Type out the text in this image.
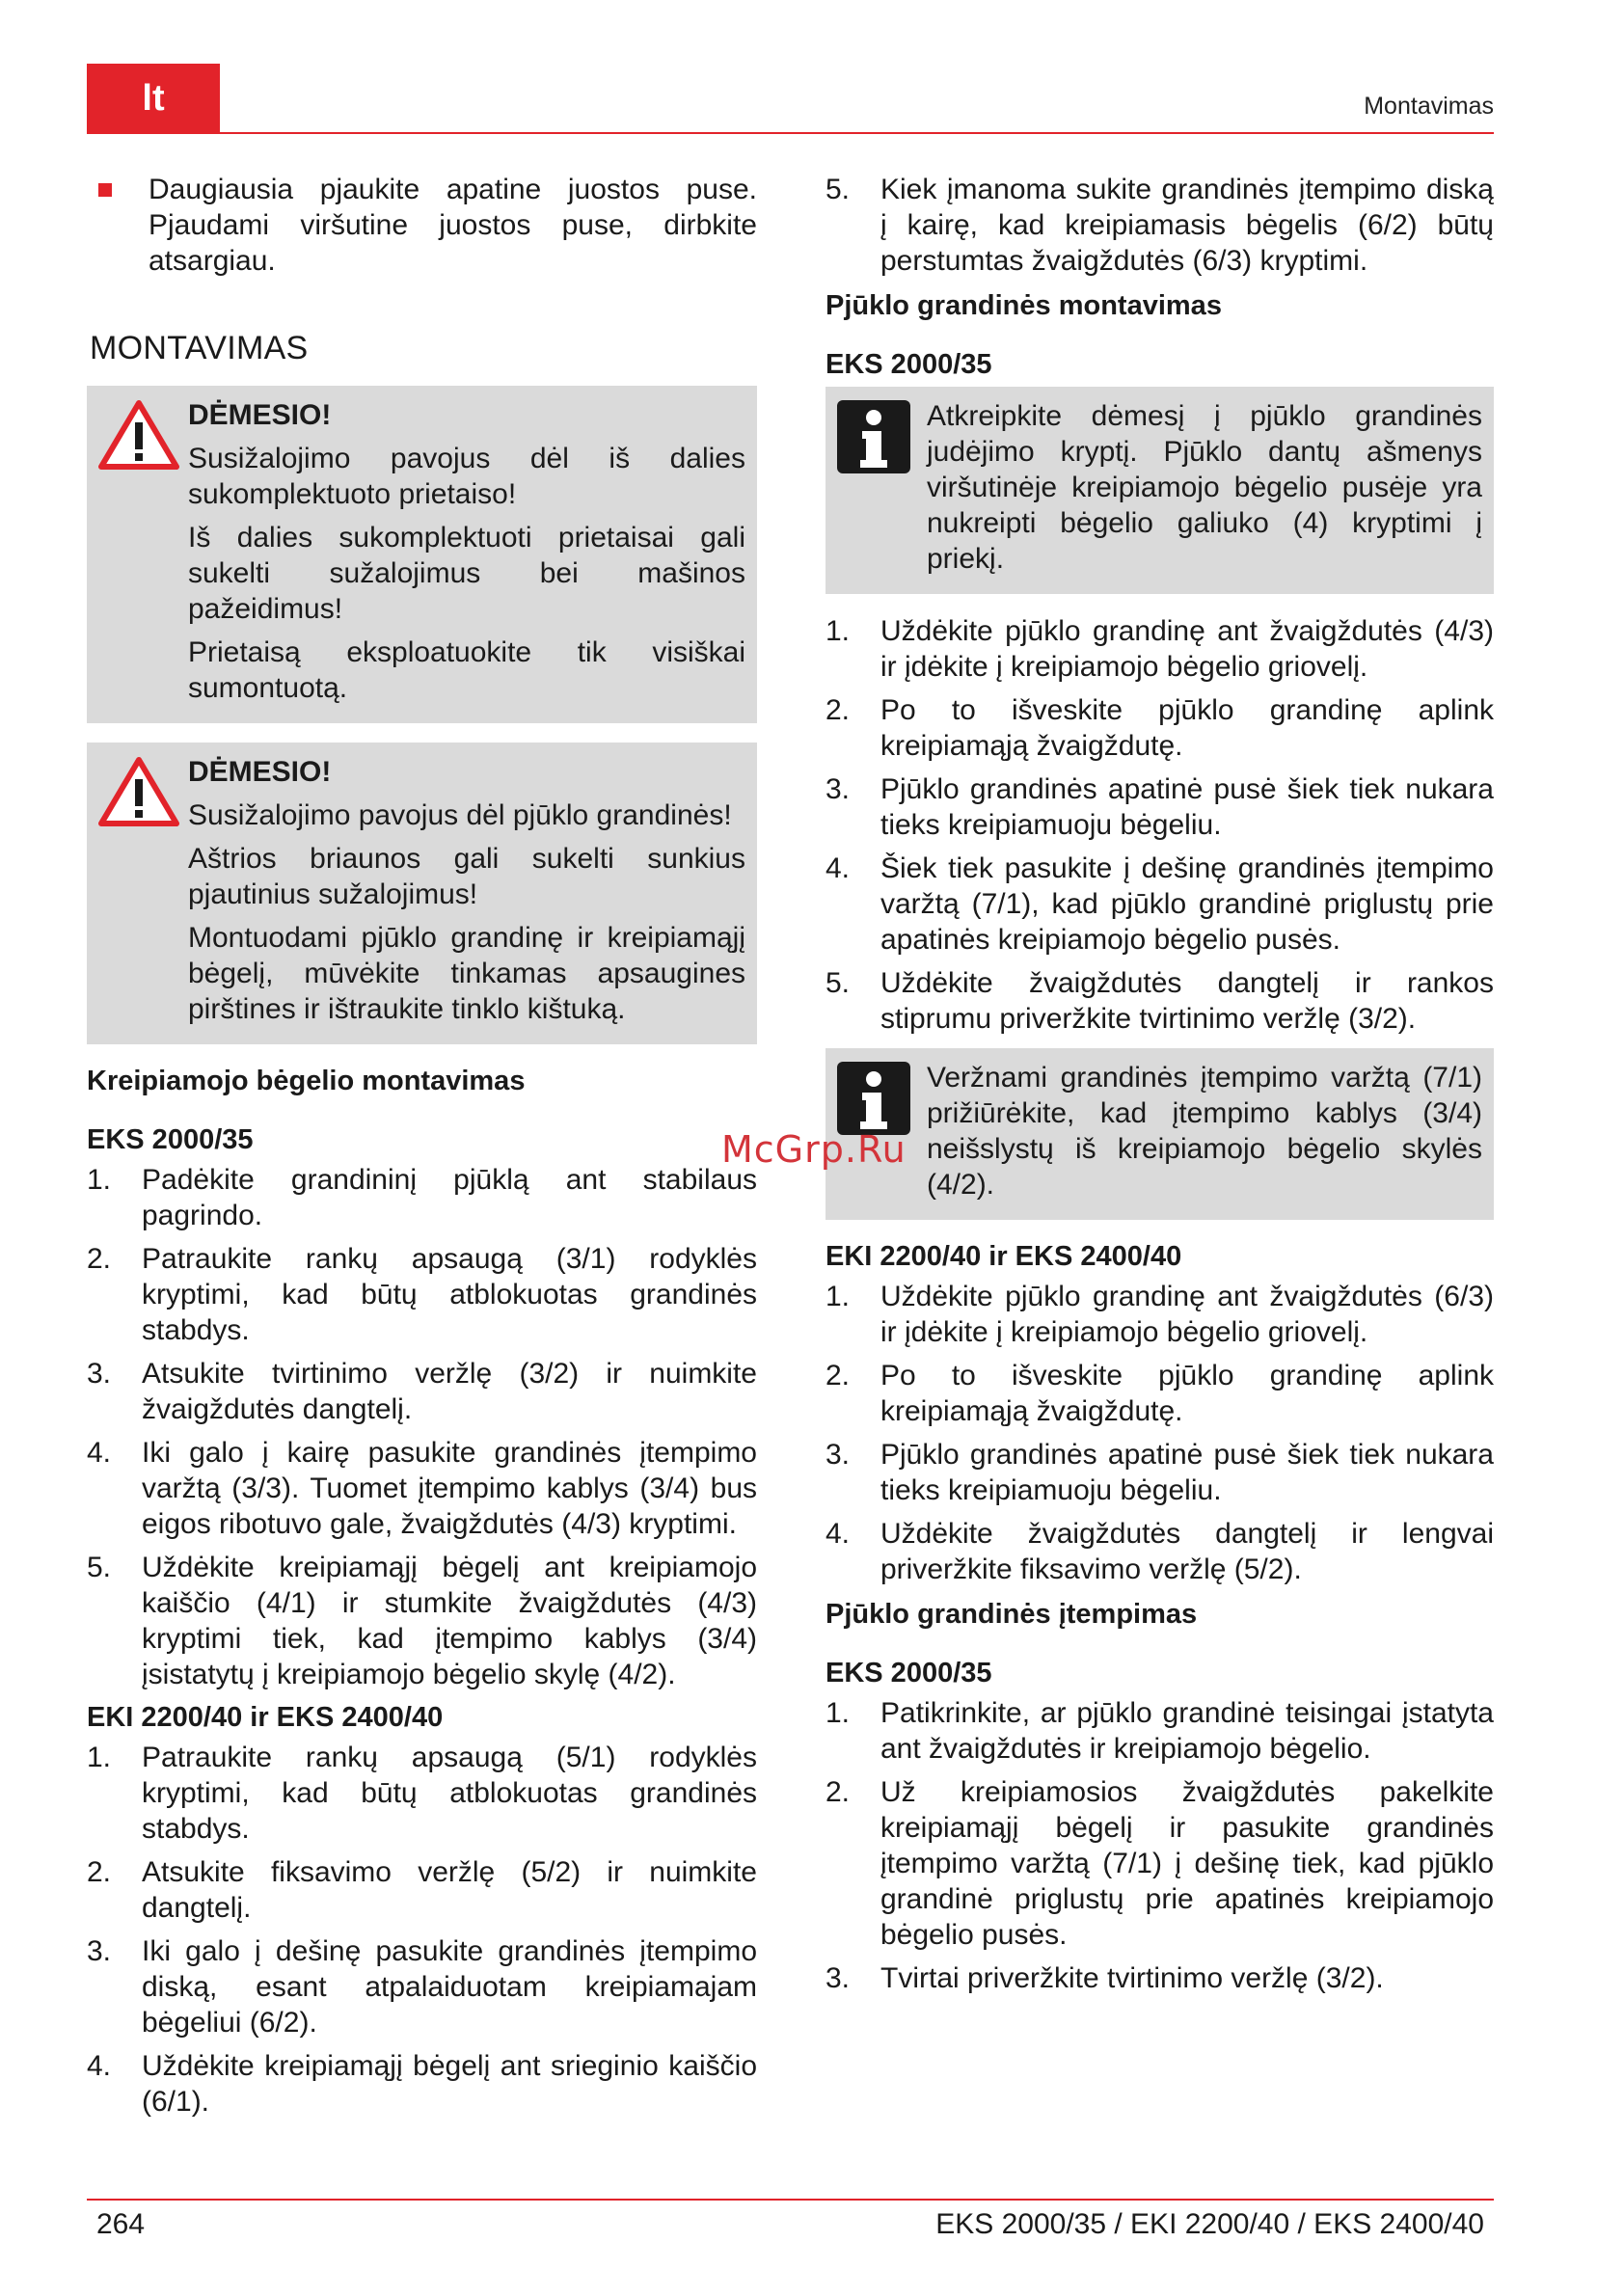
lt	Montavimas
Daugiausia pjaukite apatine juostos puse. Pjaudami viršutine juostos puse, dirbkite atsargiau.
MONTAVIMAS
DĖMESIO!

Susižalojimo pavojus dėl iš dalies sukomplektuoto prietaiso!

Iš dalies sukomplektuoti prietaisai gali sukelti sužalojimus bei mašinos pažeidimus!

Prietaisą eksploatuokite tik visiškai sumontuotą.

DĖMESIO!

Susižalojimo pavojus dėl pjūklo grandinės!

Aštrios briaunos gali sukelti sunkius pjautinius sužalojimus!

Montuodami pjūklo grandinę ir kreipiamąjį bėgelį, mūvėkite tinkamas apsaugines pirštines ir ištraukite tinklo kištuką.

Kreipiamojo bėgelio montavimas
EKS 2000/35
1.	Padėkite grandininį pjūklą ant stabilaus pagrindo.
2.	Patraukite rankų apsaugą (3/1) rodyklės kryptimi, kad būtų atblokuotas grandinės stabdys.
3.	Atsukite tvirtinimo veržlę (3/2) ir nuimkite žvaigždutės dangtelį.
4.	Iki galo į kairę pasukite grandinės įtempimo varžtą (3/3). Tuomet įtempimo kablys (3/4) bus eigos ribotuvo gale, žvaigždutės (4/3) kryptimi.
5.	Uždėkite kreipiamąjį bėgelį ant kreipiamojo kaiščio (4/1) ir stumkite žvaigždutės (4/3) kryptimi tiek, kad įtempimo kablys (3/4) įsistatytų į kreipiamojo bėgelio skylę (4/2).
EKI 2200/40 ir EKS 2400/40
1.	Patraukite rankų apsaugą (5/1) rodyklės kryptimi, kad būtų atblokuotas grandinės stabdys.
2.	Atsukite fiksavimo veržlę (5/2) ir nuimkite dangtelį.
3.	Iki galo į dešinę pasukite grandinės įtempimo diską, esant atpalaiduotam kreipiamajam bėgeliui (6/2).
4.	Uždėkite kreipiamąjį bėgelį ant srieginio kaiščio (6/1).
5.	Kiek įmanoma sukite grandinės įtempimo diską į kairę, kad kreipiamasis bėgelis (6/2) būtų perstumtas žvaigždutės (6/3) kryptimi.
Pjūklo grandinės montavimas
EKS 2000/35

Atkreipkite dėmesį į pjūklo grandinės judėjimo kryptį. Pjūklo dantų ašmenys viršutinėje kreipiamojo bėgelio pusėje yra nukreipti bėgelio galiuko (4) kryptimi į priekį.

1.	Uždėkite pjūklo grandinę ant žvaigždutės (4/3) ir įdėkite į kreipiamojo bėgelio griovelį.
2.	Po to išveskite pjūklo grandinę aplink kreipiamąją žvaigždutę.
3.	Pjūklo grandinės apatinė pusė šiek tiek nukara tieks kreipiamuoju bėgeliu.
4.	Šiek tiek pasukite į dešinę grandinės įtempimo varžtą (7/1), kad pjūklo grandinė priglustų prie apatinės kreipiamojo bėgelio pusės.
5.	Uždėkite žvaigždutės dangtelį ir rankos stiprumu priveržkite tvirtinimo veržlę (3/2).

Veržnami grandinės įtempimo varžtą (7/1) prižiūrėkite, kad įtempimo kablys (3/4) neišslystų iš kreipiamojo bėgelio skylės (4/2).

EKI 2200/40 ir EKS 2400/40
1.	Uždėkite pjūklo grandinę ant žvaigždutės (6/3) ir įdėkite į kreipiamojo bėgelio griovelį.
2.	Po to išveskite pjūklo grandinę aplink kreipiamąją žvaigždutę.
3.	Pjūklo grandinės apatinė pusė šiek tiek nukara tieks kreipiamuoju bėgeliu.
4.	Uždėkite žvaigždutės dangtelį ir lengvai priveržkite fiksavimo veržlę (5/2).
Pjūklo grandinės įtempimas
EKS 2000/35
1.	Patikrinkite, ar pjūklo grandinė teisingai įstatyta ant žvaigždutės ir kreipiamojo bėgelio.
2.	Už kreipiamosios žvaigždutės pakelkite kreipiamąjį bėgelį ir pasukite grandinės įtempimo varžtą (7/1) į dešinę tiek, kad pjūklo grandinė priglustų prie apatinės kreipiamojo bėgelio pusės.
3.	Tvirtai priveržkite tvirtinimo veržlę (3/2).
McGrp.Ru
264	EKS 2000/35 / EKI 2200/40 / EKS 2400/40
